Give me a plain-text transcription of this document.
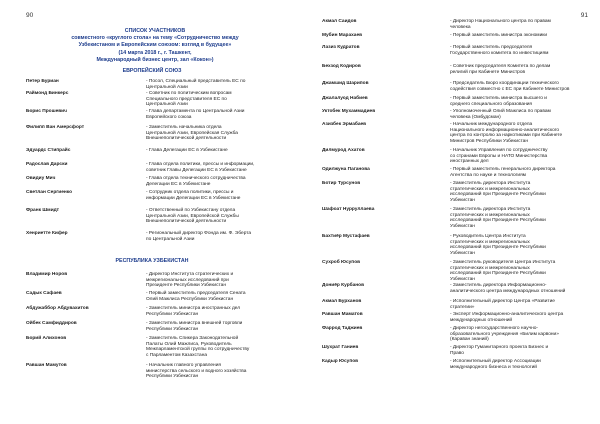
90
СПИСОК УЧАСТНИКОВ
совместного «круглого стола» на тему «Сотрудничество между
Узбекистаном и Европейским союзом: взгляд в будущее»
(14 марта 2018 г., г. Ташкент,
Международный бизнес центр, зал «Кокон»)
91
ЕВРОПЕЙСКИЙ СОЮЗ
Петер Буриан	- Посол, Специальный представитель ЕС по
Центральной Азии
Раймонд Бинкерс	- Советник по политическим вопросам
Специального представителя ЕС по
Центральной Азии
Борис Прошевич	- Глава департамента по Центральной Азии
Европейского союза
Филипп Ван Амерсфорт	- Заместитель начальника отдела
Центральной Азии, Европейская Служба
Внешнеполитической деятельности
Эдуардс Стипрайс	- Глава Делегации ЕС в Узбекистане
Радослав Дарски	- Глава отдела политики, прессы и информации,
советник Главы Делегации ЕС в Узбекистане
Овидиу Мич	- Глава отдела технического сотрудничества
Делегации ЕС в Узбекистане
Светлан Сергиенко	- Сотрудник отдела политики, прессы и
информации Делегации ЕС в Узбекистане
Франк Шмидт	- Ответственный по Узбекистану отдела
Центральной Азии, Европейской Службы
Внешнеполитической деятельности
Хенриетте Кифер	- Региональный директор Фонда им. Ф. Эберта
по Центральной Азии
РЕСПУБЛИКА УЗБЕКИСТАН
Владимир Норов	- Директор Института стратегических и
межрегиональных исследований при
Президенте Республики Узбекистан
Садык Сафаев	- Первый заместитель председателя Сената
Олий Мажлиса Республики Узбекистан
Абдужаббор Абдувахитов	- Заместитель министра иностранных дел
Республики Узбекистан
Ойбек Самфиддиров	- Заместитель министра внешней торговли
Республики Узбекистан
Борий Алихонов	- Заместитель Спикера Законодательной
Палаты Олий Мажлиса, Руководитель
Межпарламентской группы по сотрудничеству
с Парламентом Казахстана
Равшан Мамутов	- Начальник главного управления
министерства сельского и водного хозяйства
Республики Узбекистан
Акмал Саидов	- Директор Национального центра по правам
человека
Мубин Марахаев	- Первый заместитель министра экономики
Лазиз Кудратов	- Первый заместитель председателя
Государственного комитета по инвестициям
Бехзод Кодиров	- Советник председателя Комитета по делам
религий при Кабинете Министров
Джамшид Шарипов	- Председатель Бюро координации технического
содействия совместно с ЕС при Кабинете Министров
Джалалуод Набиев	- Первый заместитель министра высшего и
среднего специального образования
Уктобек Мухаммадиев	- Уполномоченный Олий Мажлиса по правам
человека (Омбудсман)
Азизбек Эрмабаев	- Начальник международного отдела
Национального информационно-аналитического
центра по контролю за наркотиками при Кабинете
Министров Республики Узбекистан
Дилмурод Ахатов	- Начальник Управления по сотрудничеству
со странами Европы и НАТО Министерства
иностранных дел
Одилжуна Паганова	- Первый заместитель генерального директора
Агентства по науке и технологиям
Ботир Турсунов	- Заместитель директора Института
стратегических и межрегиональных
исследований при Президенте Республики
Узбекистан
Шафоат Нурруллаева	- Заместитель директора Института
стратегических и межрегиональных
исследований при Президенте Республики
Узбекистан
Бахтиёр Мустафаев	- Руководитель Центра Института
стратегических и межрегиональных
исследований при Президенте Республики
Узбекистан
Сухроб Юсупов	- Заместитель руководителя Центра Института
стратегических и межрегиональных
исследований при Президенте Республики
Узбекистан
Дониёр Курбанов	- Заместитель директора Информационно-
аналитического центра международных отношений
Акмал Бурханов	- Исполнительный директор Центра «Развитие
стратегии»
Равшан Маматов	- Эксперт Информационно-аналитического центра
международных отношений
Фаррод Таджиев	- Директор негосударственного научно-
образовательного учреждения «Билим карвони»
(Караван знаний)
Шухрат Ганиев	- Директор Гуманитарного проекта Бизнес и
Право
Кадыр Юсупов	- Исполнительный директор Ассоциации
международного бизнеса и технологий
